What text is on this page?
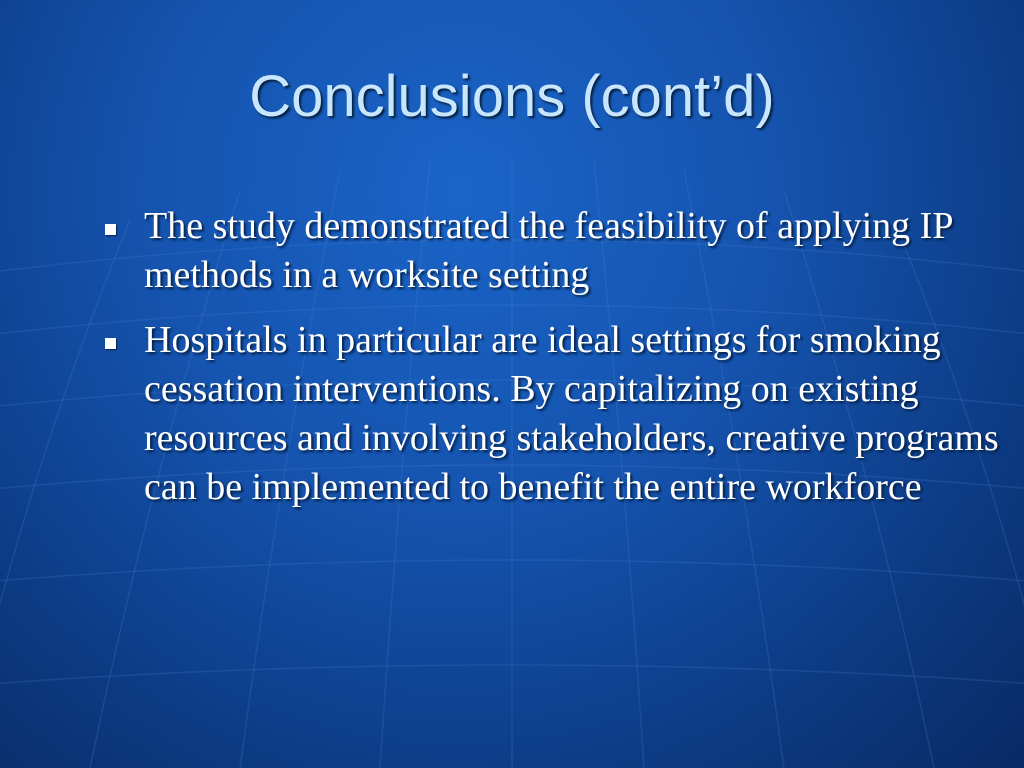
Conclusions (cont’d)
The study demonstrated the feasibility of applying IP methods in a worksite setting
Hospitals in particular are ideal settings for smoking cessation interventions. By capitalizing on existing resources and involving stakeholders, creative programs can be implemented to benefit the entire workforce
